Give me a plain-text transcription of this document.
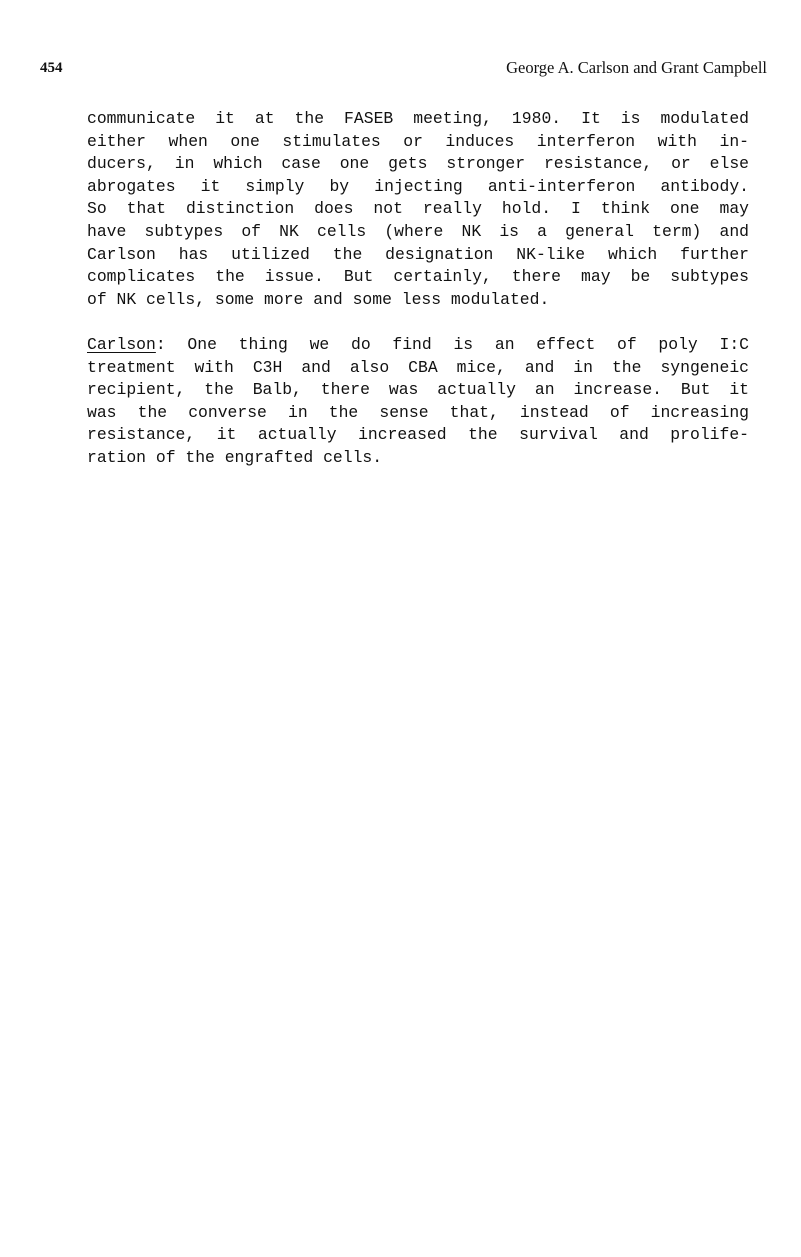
454	George A. Carlson and Grant Campbell

communicate it at the FASEB meeting, 1980. It is modulated
either when one stimulates or induces interferon with in-
ducers, in which case one gets stronger resistance, or else
abrogates it simply by injecting anti-interferon antibody.
So that distinction does not really hold. I think one may
have subtypes of NK cells (where NK is a general term) and
Carlson has utilized the designation NK-like which further
complicates the issue. But certainly, there may be subtypes
of NK cells, some more and some less modulated.

Carlson: One thing we do find is an effect of poly I:C
treatment with C3H and also CBA mice, and in the syngeneic
recipient, the Balb, there was actually an increase. But it
was the converse in the sense that, instead of increasing
resistance, it actually increased the survival and prolife-
ration of the engrafted cells.
